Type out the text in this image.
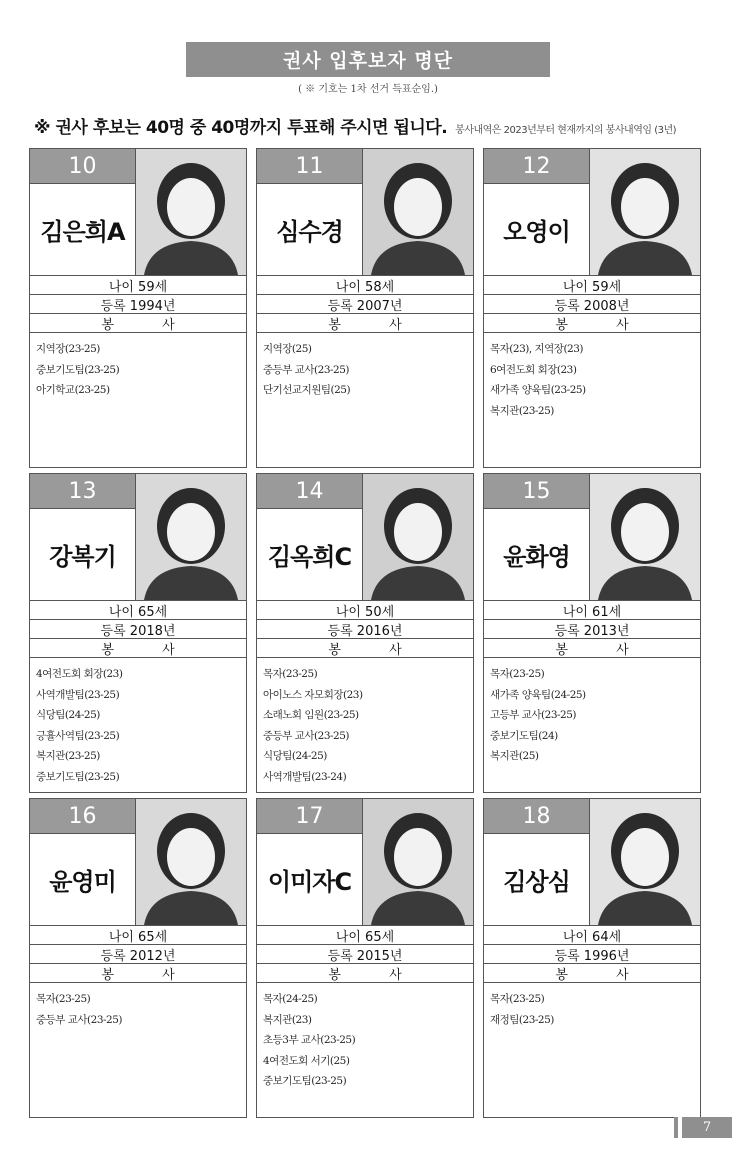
권사 입후보자 명단
( ※ 기호는 1차 선거 득표순임.)
※ 권사 후보는 40명 중 40명까지 투표해 주시면 됩니다. 봉사내역은 2023년부터 현재까지의 봉사내역임 (3년)
10
김은희A
나이 59세
등록 1994년
봉 사
지역장(23-25)
중보기도팀(23-25)
아기학교(23-25)
11
심수경
나이 58세
등록 2007년
봉 사
지역장(25)
중등부 교사(23-25)
단기선교지원팀(25)
12
오영이
나이 59세
등록 2008년
봉 사
목자(23), 지역장(23)
6여전도회 회장(23)
새가족 양육팀(23-25)
복지관(23-25)
13
강복기
나이 65세
등록 2018년
봉 사
4여전도회 회장(23)
사역개발팀(23-25)
식당팀(24-25)
긍휼사역팀(23-25)
복지관(23-25)
중보기도팀(23-25)
14
김옥희C
나이 50세
등록 2016년
봉 사
목자(23-25)
아이노스 자모회장(23)
소래노회 임원(23-25)
중등부 교사(23-25)
식당팀(24-25)
사역개발팀(23-24)
15
윤화영
나이 61세
등록 2013년
봉 사
목자(23-25)
새가족 양육팀(24-25)
고등부 교사(23-25)
중보기도팀(24)
복지관(25)
16
윤영미
나이 65세
등록 2012년
봉 사
목자(23-25)
중등부 교사(23-25)
17
이미자C
나이 65세
등록 2015년
봉 사
목자(24-25)
복지관(23)
초등3부 교사(23-25)
4여전도회 서기(25)
중보기도팀(23-25)
18
김상심
나이 64세
등록 1996년
봉 사
목자(23-25)
재정팀(23-25)
7
